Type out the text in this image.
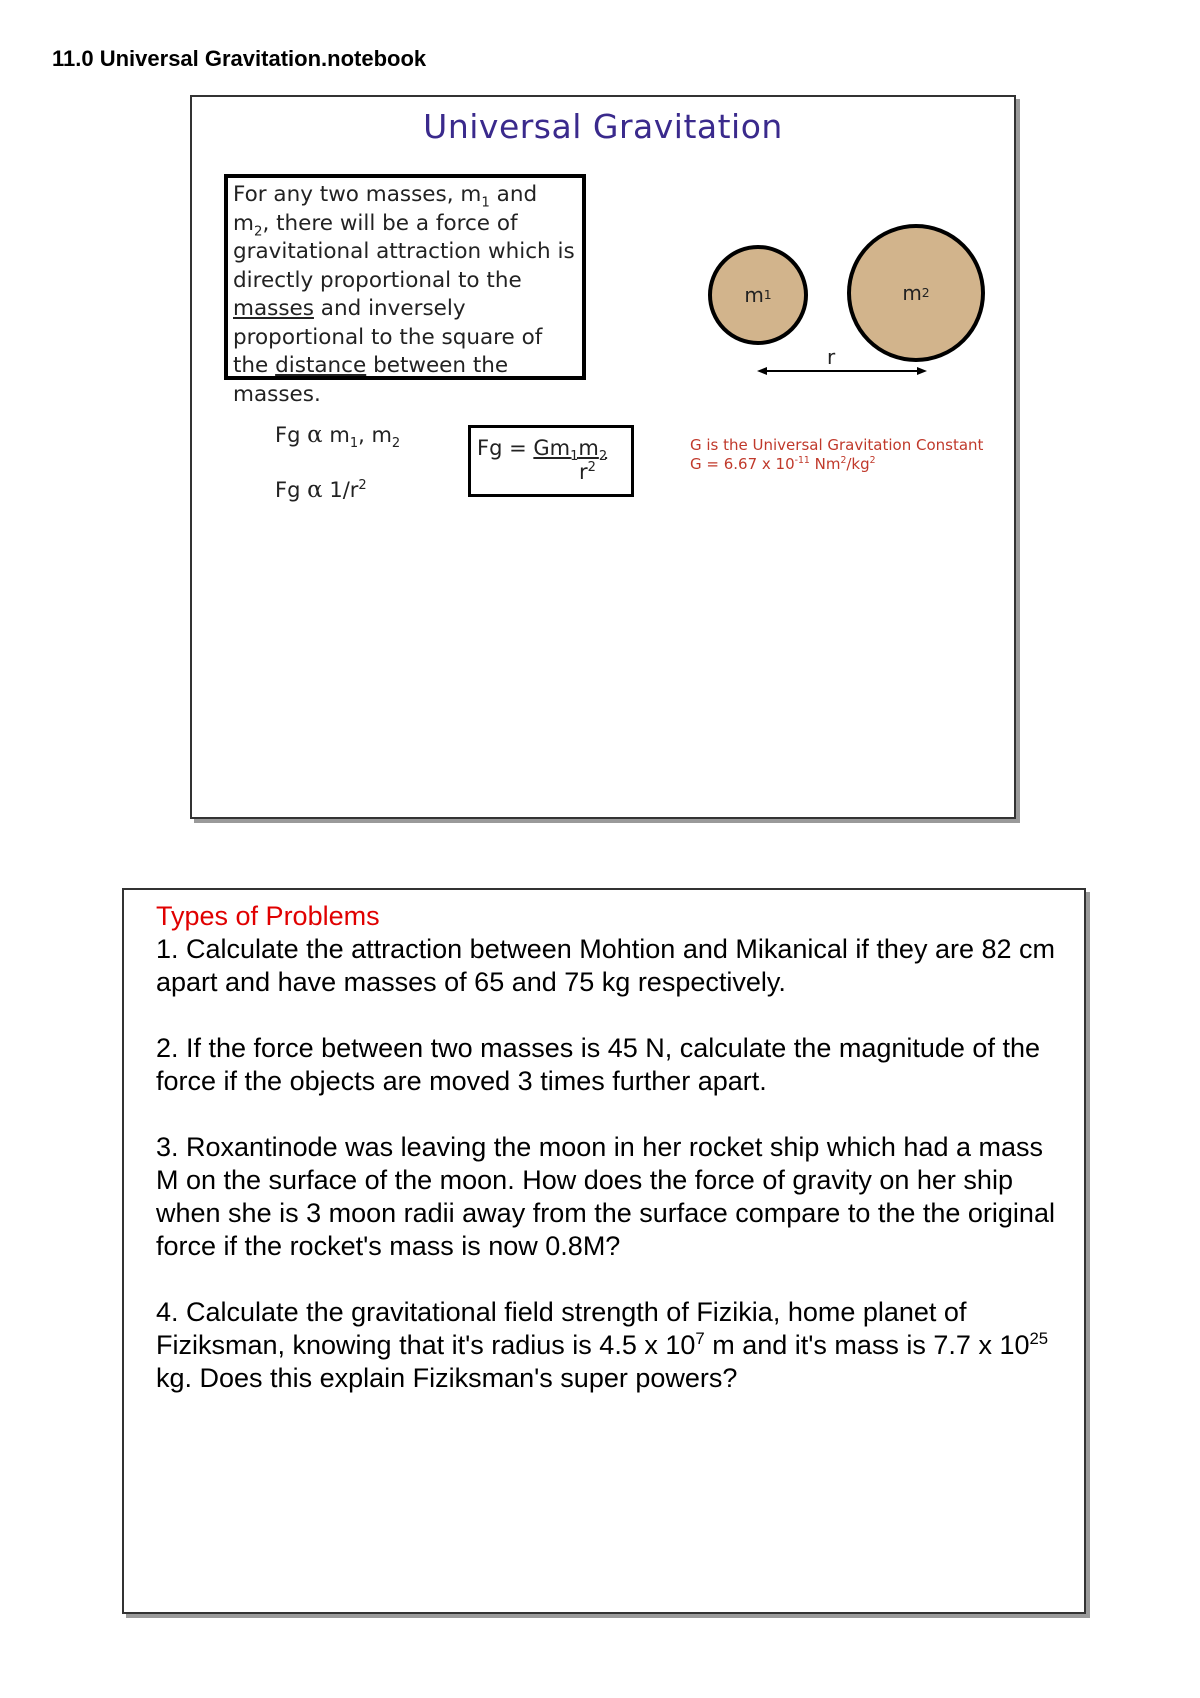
11.0 Universal Gravitation.notebook
Universal Gravitation
For any two masses, $m_1$ and $m_2$, there will be a force of gravitational attraction which is directly proportional to the masses and inversely proportional to the square of the distance between the masses.
Fg α $m_1$, $m_2$
Fg α $1/r^2$
$Fg = Gm_1m_2$
$r^2$
G is the Universal Gravitation Constant
G = 6.67 x $10^{-11}$ $Nm^2/kg^2$
m 1	m 2
r
Types of Problems

1. Calculate the attraction between Mohtion and Mikanical if they are 82 cm apart and have masses of 65 and 75 kg respectively.

2. If the force between two masses is 45 N, calculate the magnitude of the force if the objects are moved 3 times further apart.

3. Roxantinode was leaving the moon in her rocket ship which had a mass M on the surface of the moon. How does the force of gravity on her ship when she is 3 moon radii away from the surface compare to the the original force if the rocket's mass is now 0.8M?

4. Calculate the gravitational field strength of Fizikia, home planet of Fiziksman, knowing that it's radius is 4.5 x $10^7$ m and it's mass is 7.7 x $10^{25}$ kg. Does this explain Fiziksman's super powers?
